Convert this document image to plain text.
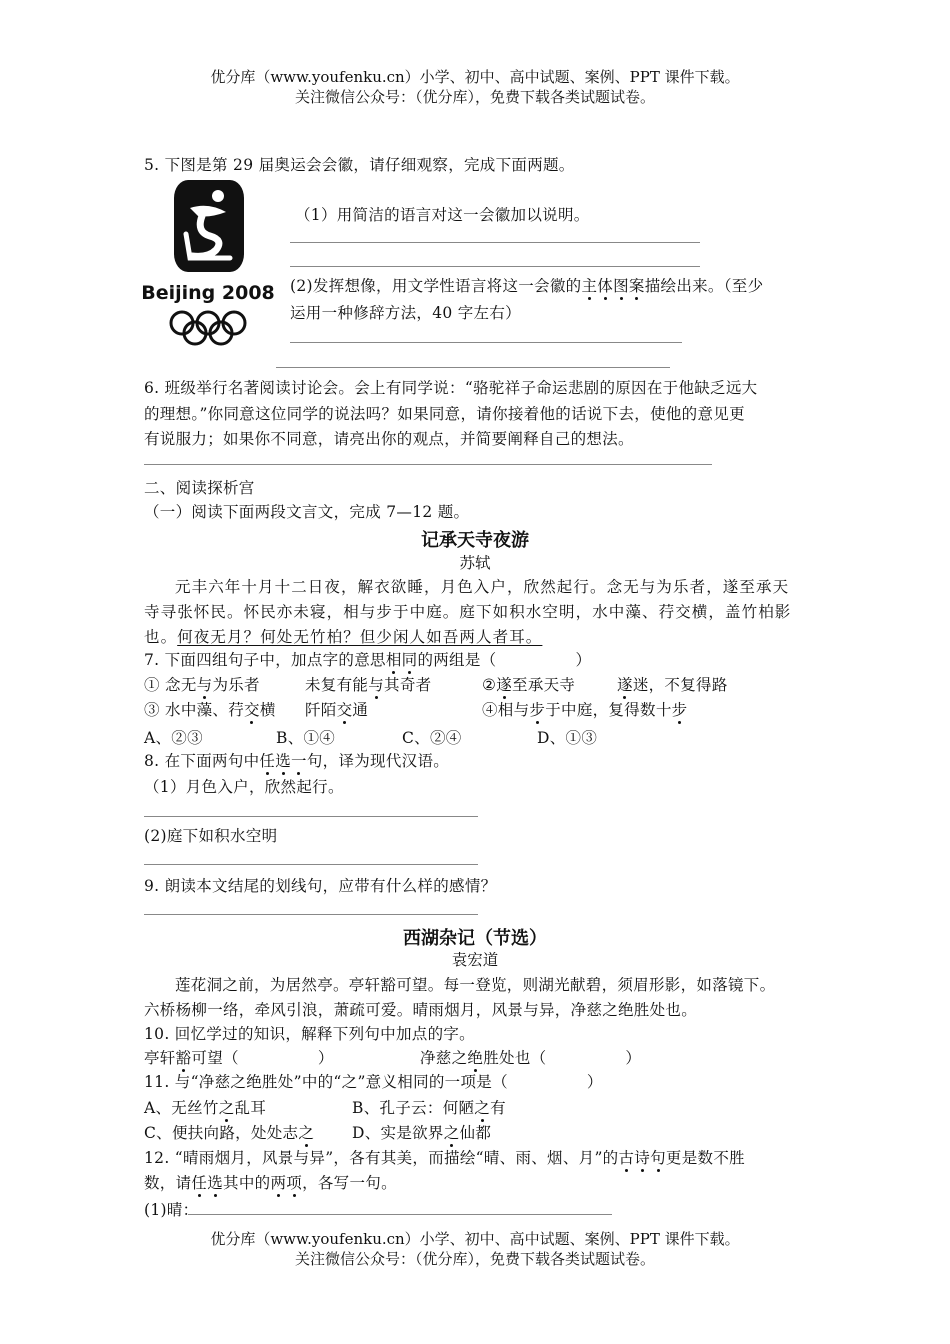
优分库（www.youfenku.cn）小学、初中、高中试题、案例、PPT 课件下载。
关注微信公众号：（优分库），免费下载各类试题试卷。
5. 下图是第 29 届奥运会会徽，请仔细观察，完成下面两题。
Beijing 2008
（1）用简洁的语言对这一会徽加以说明。
(2)发挥想像，用文学性语言将这一会徽的主体图案描绘出来。（至少
运用一种修辞方法，40 字左右）
6. 班级举行名著阅读讨论会。会上有同学说：“骆驼祥子命运悲剧的原因在于他缺乏远大
的理想。”你同意这位同学的说法吗？如果同意，请你接着他的话说下去，使他的意见更
有说服力；如果你不同意，请亮出你的观点，并简要阐释自己的想法。
二、阅读探析宫
（一）阅读下面两段文言文，完成 7—12 题。
记承天寺夜游
苏轼
元丰六年十月十二日夜，解衣欲睡，月色入户，欣然起行。念无与为乐者，遂至承天
寺寻张怀民。怀民亦未寝，相与步于中庭。庭下如积水空明，水中藻、荇交横，盖竹柏影
也。何夜无月？何处无竹柏？但少闲人如吾两人者耳。
7. 下面四组句子中，加点字的意思相同的两组是（　　　　　）
① 念无与为乐者	未复有能与其奇者	②遂至承天寺	遂迷，不复得路
③ 水中藻、荇交横 阡陌交通	④相与步于中庭，复得数十步
A、②③	B、①④	C、②④	D、①③
8. 在下面两句中任选一句，译为现代汉语。
（1）月色入户，欣然起行。
(2)庭下如积水空明
9. 朗读本文结尾的划线句，应带有什么样的感情？
西湖杂记（节选）
袁宏道
莲花洞之前，为居然亭。亭轩豁可望。每一登览，则湖光献碧，须眉形影，如落镜下。
六桥杨柳一络，牵风引浪，萧疏可爱。晴雨烟月，风景与异，净慈之绝胜处也。
10. 回忆学过的知识，解释下列句中加点的字。
亭轩豁可望（　　　　　）	净慈之绝胜处也（　　　　　）
11. 与“净慈之绝胜处”中的“之”意义相同的一项是（　　　　　）
A、无丝竹之乱耳	B、孔子云：何陋之有
C、便扶向路，处处志之 D、实是欲界之仙都
12. “晴雨烟月，风景与异”，各有其美，而描绘“晴、雨、烟、月”的古诗句更是数不胜
数，请任选其中的两项，各写一句。
(1)晴：
优分库（www.youfenku.cn）小学、初中、高中试题、案例、PPT 课件下载。
关注微信公众号：（优分库），免费下载各类试题试卷。
